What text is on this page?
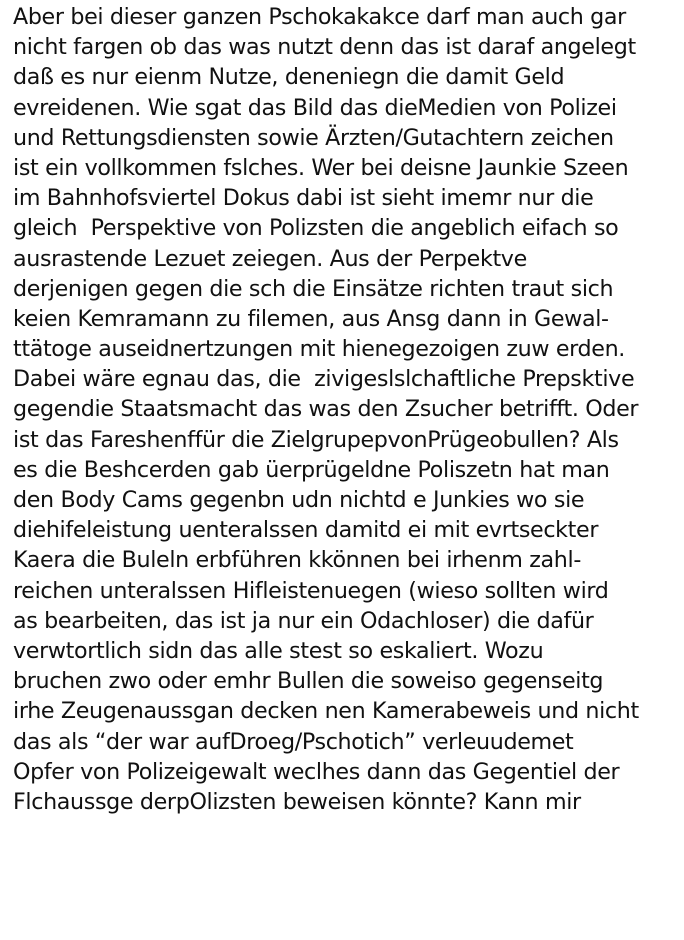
Aber bei dieser ganzen Pschokakakce darf man auch gar
nicht fargen ob das was nutzt denn das ist daraf angelegt
daß es nur eienm Nutze, deneniegn die damit Geld
evreidenen. Wie sgat das Bild das dieMedien von Polizei
und Rettungsdiensten sowie Ärzten/Gutachtern zeichen
ist ein vollkommen fslches. Wer bei deisne Jaunkie Szeen
im Bahnhofsviertel Dokus dabi ist sieht imemr nur die
gleich  Perspektive von Polizsten die angeblich eifach so
ausrastende Lezuet zeiegen. Aus der Perpektve
derjenigen gegen die sch die Einsätze richten traut sich
keien Kemramann zu filemen, aus Ansg dann in Gewal-
ttätoge auseidnertzungen mit hienegezoigen zuw erden.
Dabei wäre egnau das, die  zivigeslslchaftliche Prepsktive
gegendie Staatsmacht das was den Zsucher betrifft. Oder
ist das Fareshenffür die ZielgrupepvonPrügeobullen? Als
es die Beshcerden gab üerprügeldne Poliszetn hat man
den Body Cams gegenbn udn nichtd e Junkies wo sie
diehifeleistung uenteralssen damitd ei mit evrtseckter
Kaera die Buleln erbführen kkönnen bei irhenm zahl-
reichen unteralssen Hifleistenuegen (wieso sollten wird
as bearbeiten, das ist ja nur ein Odachloser) die dafür
verwtortlich sidn das alle stest so eskaliert. Wozu
bruchen zwo oder emhr Bullen die soweiso gegenseitg
irhe Zeugenaussgan decken nen Kamerabeweis und nicht
das als “der war aufDroeg/Pschotich” verleuudemet
Opfer von Polizeigewalt weclhes dann das Gegentiel der
Flchaussge derpOlizsten beweisen könnte? Kann mir
